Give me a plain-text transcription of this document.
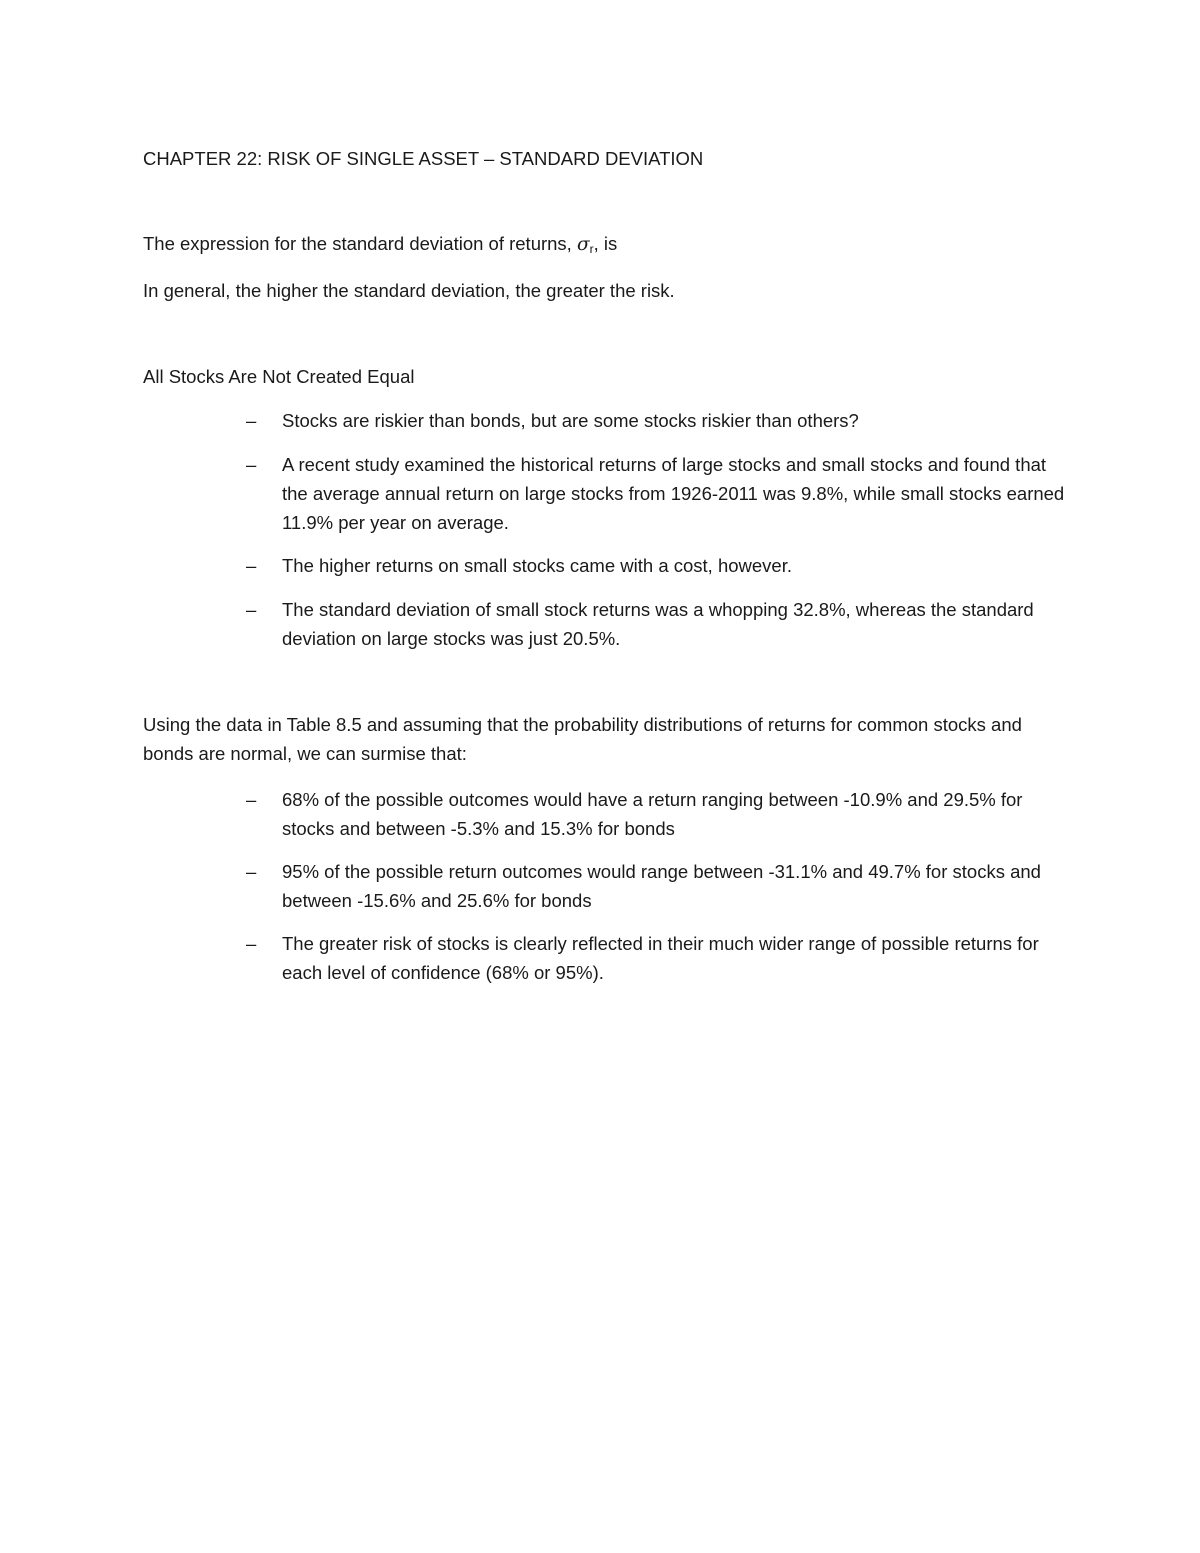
CHAPTER 22: RISK OF SINGLE ASSET – STANDARD DEVIATION
The expression for the standard deviation of returns, $\sigma_r$, is
In general, the higher the standard deviation, the greater the risk.
All Stocks Are Not Created Equal
– Stocks are riskier than bonds, but are some stocks riskier than others?
– A recent study examined the historical returns of large stocks and small stocks and found that the average annual return on large stocks from 1926-2011 was 9.8%, while small stocks earned 11.9% per year on average.
– The higher returns on small stocks came with a cost, however.
– The standard deviation of small stock returns was a whopping 32.8%, whereas the standard deviation on large stocks was just 20.5%.
Using the data in Table 8.5 and assuming that the probability distributions of returns for common stocks and bonds are normal, we can surmise that:
– 68% of the possible outcomes would have a return ranging between -10.9% and 29.5% for stocks and between -5.3% and 15.3% for bonds
– 95% of the possible return outcomes would range between -31.1% and 49.7% for stocks and between -15.6% and 25.6% for bonds
– The greater risk of stocks is clearly reflected in their much wider range of possible returns for each level of confidence (68% or 95%).
